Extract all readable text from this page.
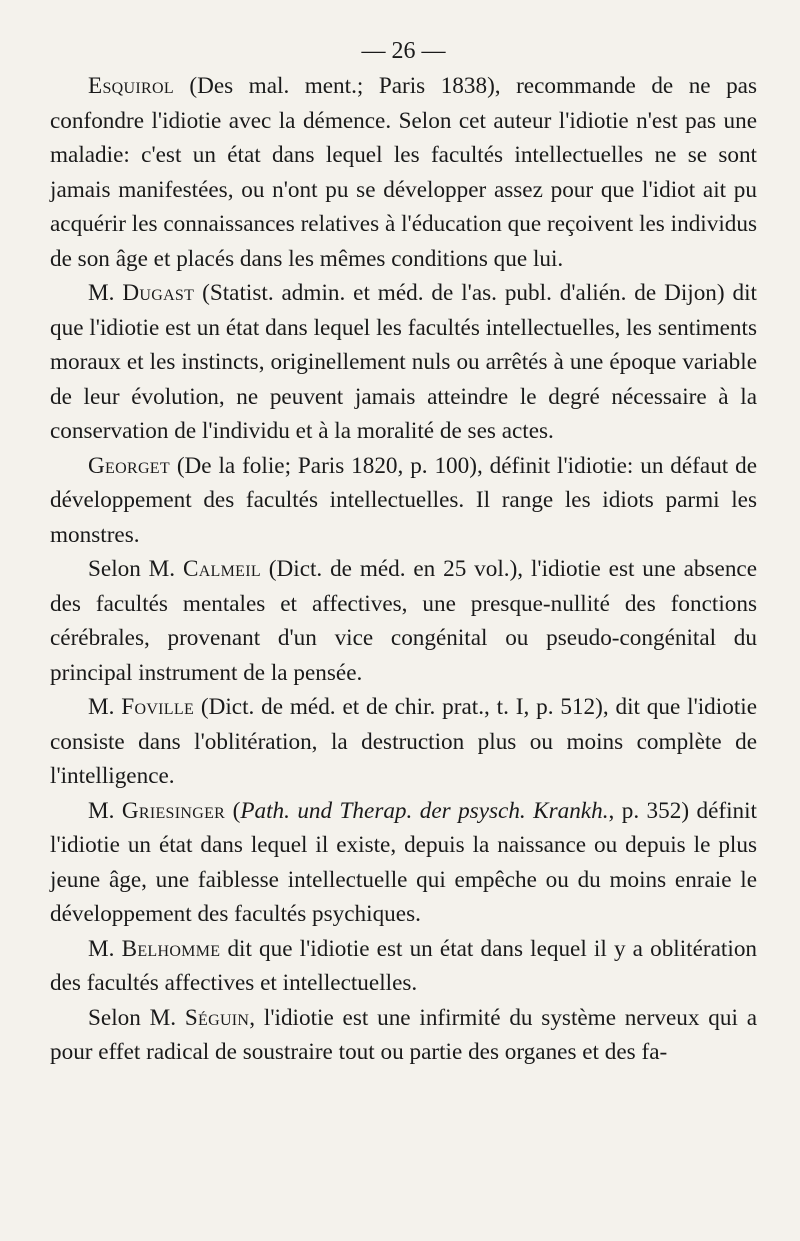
— 26 —

Esquirol (Des mal. ment.; Paris 1838), recommande de ne pas confondre l'idiotie avec la démence. Selon cet auteur l'idiotie n'est pas une maladie: c'est un état dans lequel les facultés intellectuelles ne se sont jamais manifestées, ou n'ont pu se développer assez pour que l'idiot ait pu acquérir les connaissances relatives à l'éducation que reçoivent les individus de son âge et placés dans les mêmes conditions que lui.

M. Dugast (Statist. admin. et méd. de l'as. publ. d'alién. de Dijon) dit que l'idiotie est un état dans lequel les facultés intellectuelles, les sentiments moraux et les instincts, originellement nuls ou arrêtés à une époque variable de leur évolution, ne peuvent jamais atteindre le degré nécessaire à la conservation de l'individu et à la moralité de ses actes.

Georget (De la folie; Paris 1820, p. 100), définit l'idiotie: un défaut de développement des facultés intellectuelles. Il range les idiots parmi les monstres.

Selon M. Calmeil (Dict. de méd. en 25 vol.), l'idiotie est une absence des facultés mentales et affectives, une presque-nullité des fonctions cérébrales, provenant d'un vice congénital ou pseudo-congénital du principal instrument de la pensée.

M. Foville (Dict. de méd. et de chir. prat., t. I, p. 512), dit que l'idiotie consiste dans l'oblitération, la destruction plus ou moins complète de l'intelligence.

M. Griesinger (Path. und Therap. der psysch. Krankh., p. 352) définit l'idiotie un état dans lequel il existe, depuis la naissance ou depuis le plus jeune âge, une faiblesse intellectuelle qui empêche ou du moins enraie le développement des facultés psychiques.

M. Belhomme dit que l'idiotie est un état dans lequel il y a oblitération des facultés affectives et intellectuelles.

Selon M. Séguin, l'idiotie est une infirmité du système nerveux qui a pour effet radical de soustraire tout ou partie des organes et des fa-
